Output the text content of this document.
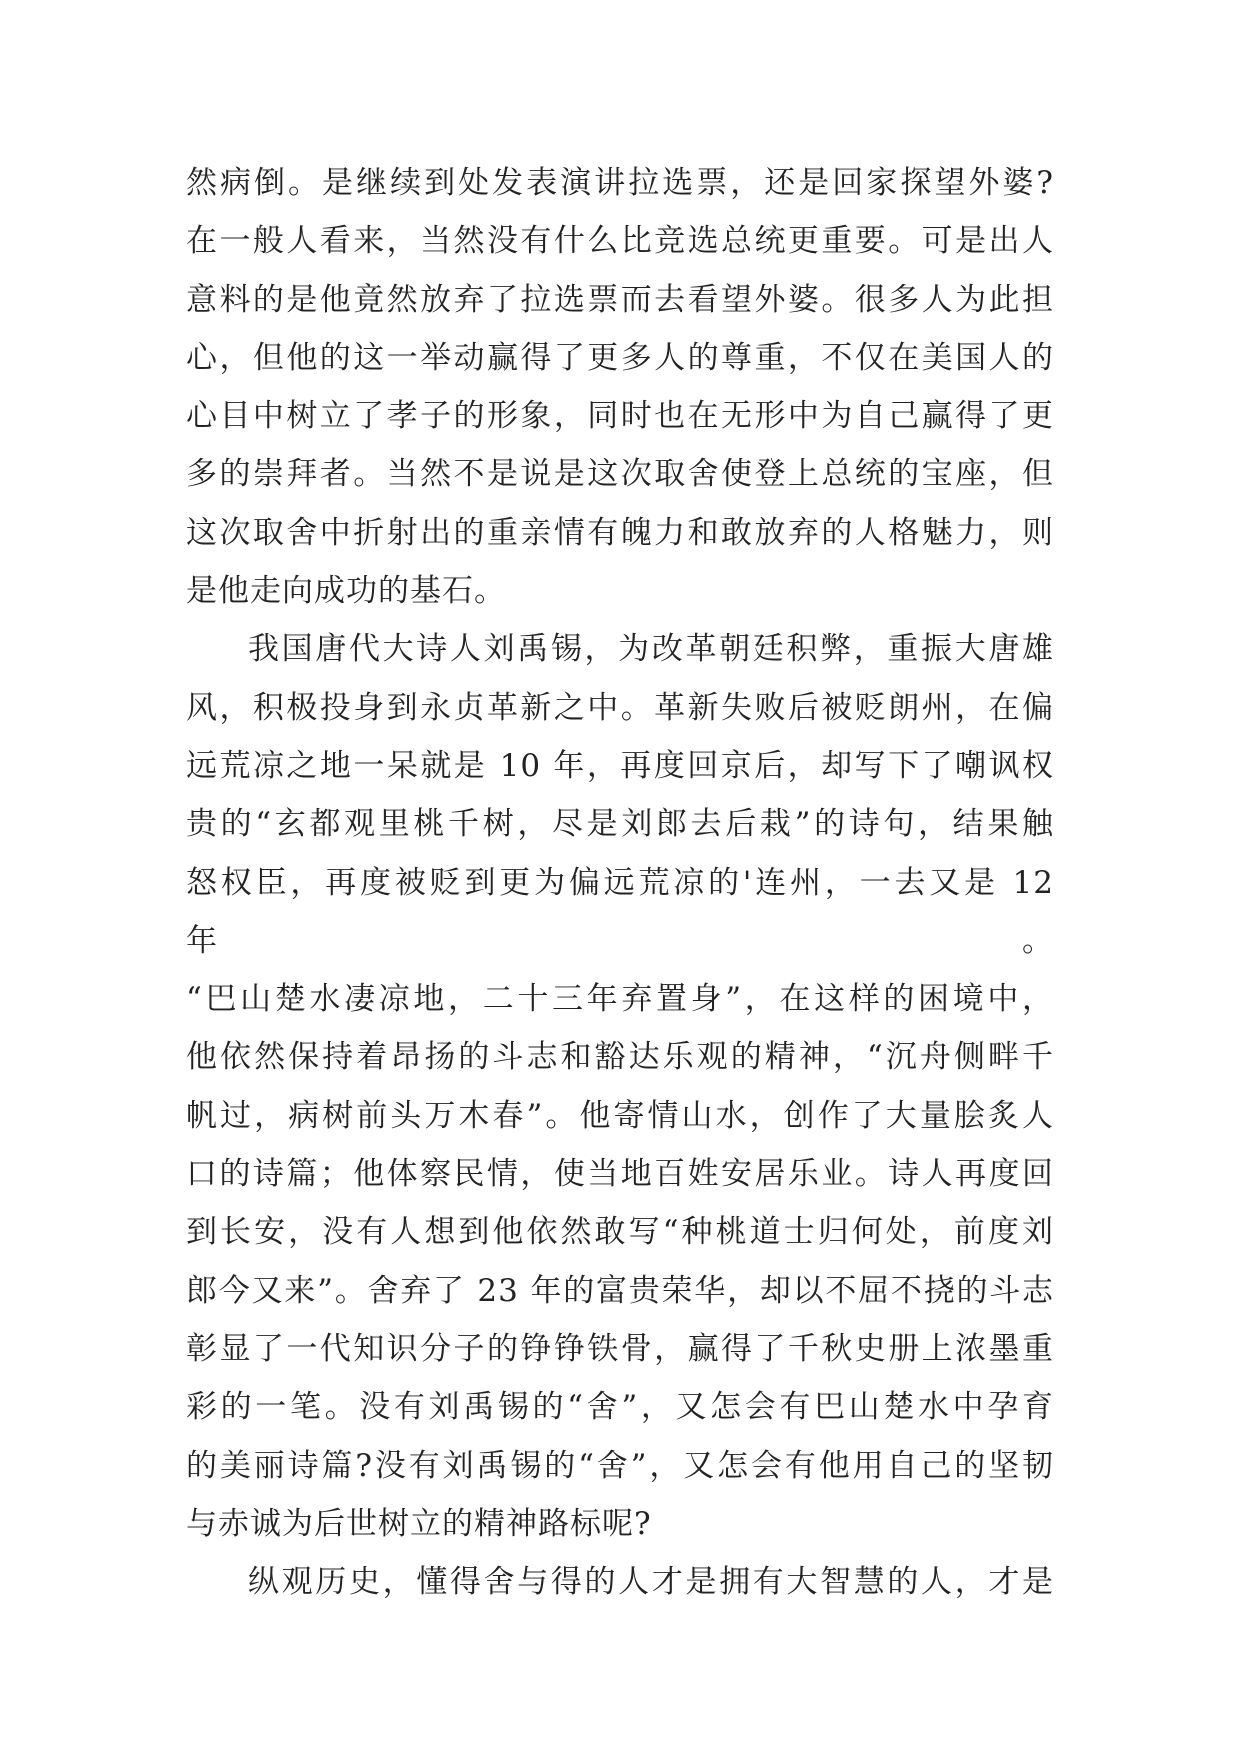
然病倒。是继续到处发表演讲拉选票，还是回家探望外婆?
在一般人看来，当然没有什么比竞选总统更重要。可是出人
意料的是他竟然放弃了拉选票而去看望外婆。很多人为此担
心，但他的这一举动赢得了更多人的尊重，不仅在美国人的
心目中树立了孝子的形象，同时也在无形中为自己赢得了更
多的崇拜者。当然不是说是这次取舍使登上总统的宝座，但
这次取舍中折射出的重亲情有魄力和敢放弃的人格魅力，则
是他走向成功的基石。
我国唐代大诗人刘禹锡，为改革朝廷积弊，重振大唐雄
风，积极投身到永贞革新之中。革新失败后被贬朗州，在偏
远荒凉之地一呆就是 10 年，再度回京后，却写下了嘲讽权
贵的“玄都观里桃千树，尽是刘郎去后栽”的诗句，结果触
怒权臣，再度被贬到更为偏远荒凉的'连州，一去又是 12 年。
“巴山楚水凄凉地，二十三年弃置身”，在这样的困境中，
他依然保持着昂扬的斗志和豁达乐观的精神，“沉舟侧畔千
帆过，病树前头万木春”。他寄情山水，创作了大量脍炙人
口的诗篇；他体察民情，使当地百姓安居乐业。诗人再度回
到长安，没有人想到他依然敢写“种桃道士归何处，前度刘
郎今又来”。舍弃了 23 年的富贵荣华，却以不屈不挠的斗志
彰显了一代知识分子的铮铮铁骨，赢得了千秋史册上浓墨重
彩的一笔。没有刘禹锡的“舍”，又怎会有巴山楚水中孕育
的美丽诗篇?没有刘禹锡的“舍”，又怎会有他用自己的坚韧
与赤诚为后世树立的精神路标呢?
纵观历史，懂得舍与得的人才是拥有大智慧的人，才是
